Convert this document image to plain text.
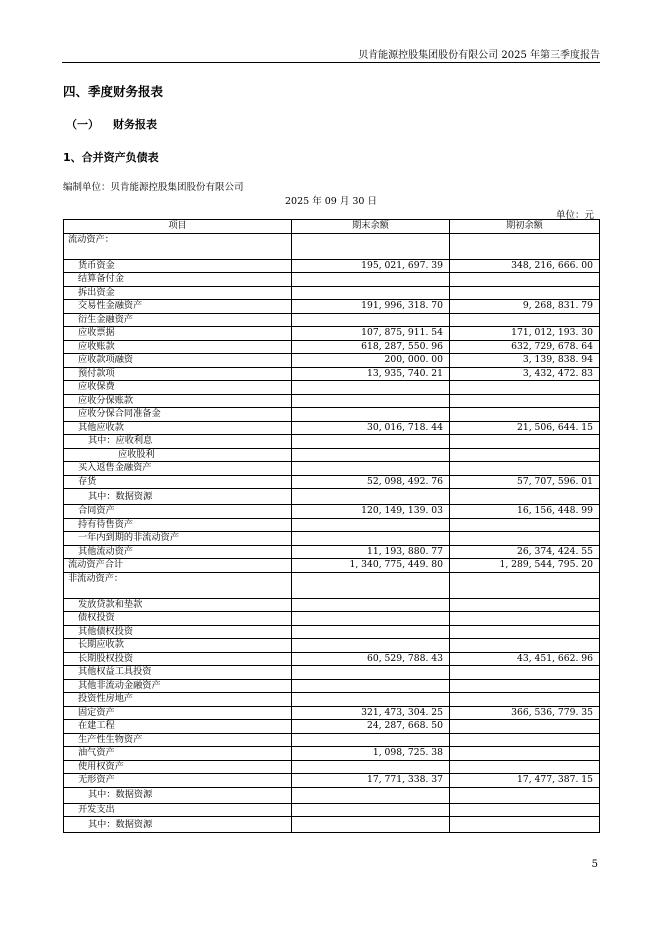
贝肯能源控股集团股份有限公司 2025 年第三季度报告
四、季度财务报表
（一） 财务报表
1、合并资产负债表
编制单位：贝肯能源控股集团股份有限公司
2025 年 09 月 30 日
单位：元
项目	期末余额	期初余额
流动资产：		
货币资金	195, 021, 697. 39	348, 216, 666. 00
结算备付金		
拆出资金		
交易性金融资产	191, 996, 318. 70	9, 268, 831. 79
衍生金融资产		
应收票据	107, 875, 911. 54	171, 012, 193. 30
应收账款	618, 287, 550. 96	632, 729, 678. 64
应收款项融资	200, 000. 00	3, 139, 838. 94
预付款项	13, 935, 740. 21	3, 432, 472. 83
应收保费		
应收分保账款		
应收分保合同准备金		
其他应收款	30, 016, 718. 44	21, 506, 644. 15
其中：应收利息		
应收股利		
买入返售金融资产		
存货	52, 098, 492. 76	57, 707, 596. 01
其中：数据资源		
合同资产	120, 149, 139. 03	16, 156, 448. 99
持有待售资产		
一年内到期的非流动资产		
其他流动资产	11, 193, 880. 77	26, 374, 424. 55
流动资产合计	1, 340, 775, 449. 80	1, 289, 544, 795. 20
非流动资产：		
发放贷款和垫款		
债权投资		
其他债权投资		
长期应收款		
长期股权投资	60, 529, 788. 43	43, 451, 662. 96
其他权益工具投资		
其他非流动金融资产		
投资性房地产		
固定资产	321, 473, 304. 25	366, 536, 779. 35
在建工程	24, 287, 668. 50	
生产性生物资产		
油气资产	1, 098, 725. 38	
使用权资产		
无形资产	17, 771, 338. 37	17, 477, 387. 15
其中：数据资源		
开发支出		
其中：数据资源		
5
